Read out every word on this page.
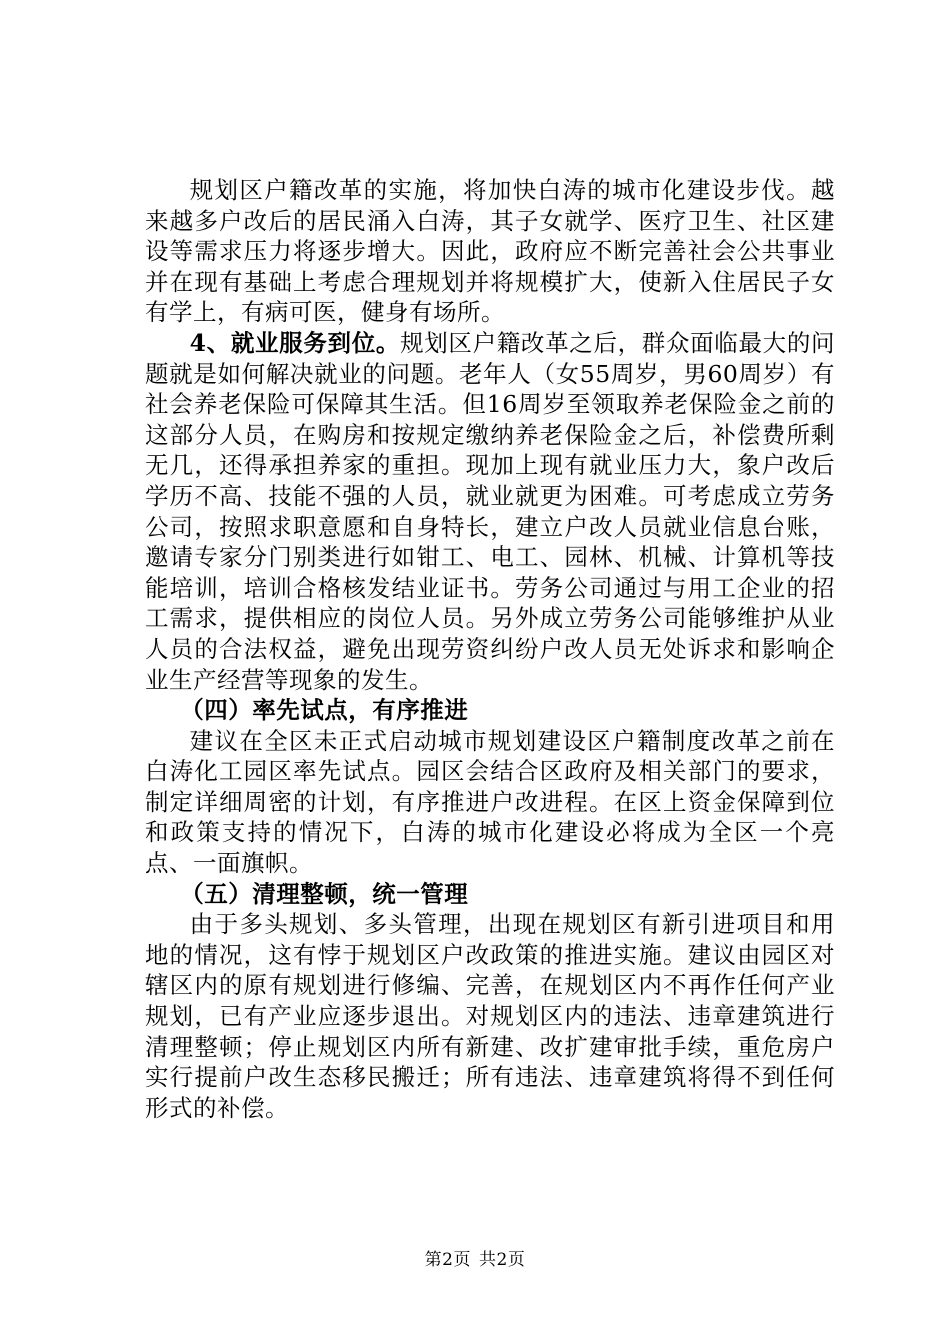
规划区户籍改革的实施，将加快白涛的城市化建设步伐。越来越多户改后的居民涌入白涛，其子女就学、医疗卫生、社区建设等需求压力将逐步增大。因此，政府应不断完善社会公共事业并在现有基础上考虑合理规划并将规模扩大，使新入住居民子女有学上，有病可医，健身有场所。

4、就业服务到位。规划区户籍改革之后，群众面临最大的问题就是如何解决就业的问题。老年人（女55周岁，男60周岁）有社会养老保险可保障其生活。但16周岁至领取养老保险金之前的这部分人员，在购房和按规定缴纳养老保险金之后，补偿费所剩无几，还得承担养家的重担。现加上现有就业压力大，象户改后学历不高、技能不强的人员，就业就更为困难。可考虑成立劳务公司，按照求职意愿和自身特长，建立户改人员就业信息台账，邀请专家分门别类进行如钳工、电工、园林、机械、计算机等技能培训，培训合格核发结业证书。劳务公司通过与用工企业的招工需求，提供相应的岗位人员。另外成立劳务公司能够维护从业人员的合法权益，避免出现劳资纠纷户改人员无处诉求和影响企业生产经营等现象的发生。

（四）率先试点，有序推进

建议在全区未正式启动城市规划建设区户籍制度改革之前在白涛化工园区率先试点。园区会结合区政府及相关部门的要求，制定详细周密的计划，有序推进户改进程。在区上资金保障到位和政策支持的情况下，白涛的城市化建设必将成为全区一个亮点、一面旗帜。

（五）清理整顿，统一管理

由于多头规划、多头管理，出现在规划区有新引进项目和用地的情况，这有悖于规划区户改政策的推进实施。建议由园区对辖区内的原有规划进行修编、完善，在规划区内不再作任何产业规划，已有产业应逐步退出。对规划区内的违法、违章建筑进行清理整顿；停止规划区内所有新建、改扩建审批手续，重危房户实行提前户改生态移民搬迁；所有违法、违章建筑将得不到任何形式的补偿。

第2页 共2页
